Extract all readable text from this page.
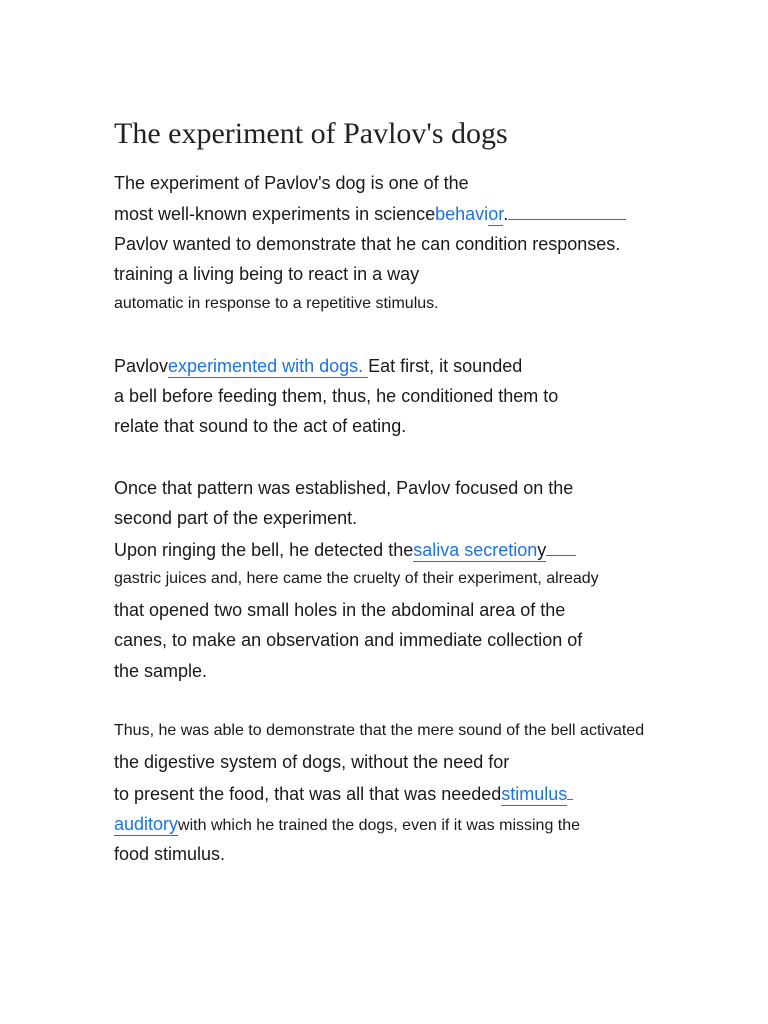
The experiment of Pavlov's dogs
The experiment of Pavlov's dog is one of the
most well-known experiments in sciencebehavior.
Pavlov wanted to demonstrate that he can condition responses.
training a living being to react in a way
automatic in response to a repetitive stimulus.
Pavlovexperimented with dogs. Eat first, it sounded
a bell before feeding them, thus, he conditioned them to
relate that sound to the act of eating.
Once that pattern was established, Pavlov focused on the
second part of the experiment.
Upon ringing the bell, he detected thesaliva secretiony
gastric juices and, here came the cruelty of their experiment, already
that opened two small holes in the abdominal area of the
canes, to make an observation and immediate collection of
the sample.
Thus, he was able to demonstrate that the mere sound of the bell activated
the digestive system of dogs, without the need for
to present the food, that was all that was neededstimulus
auditorywith which he trained the dogs, even if it was missing the
food stimulus.
